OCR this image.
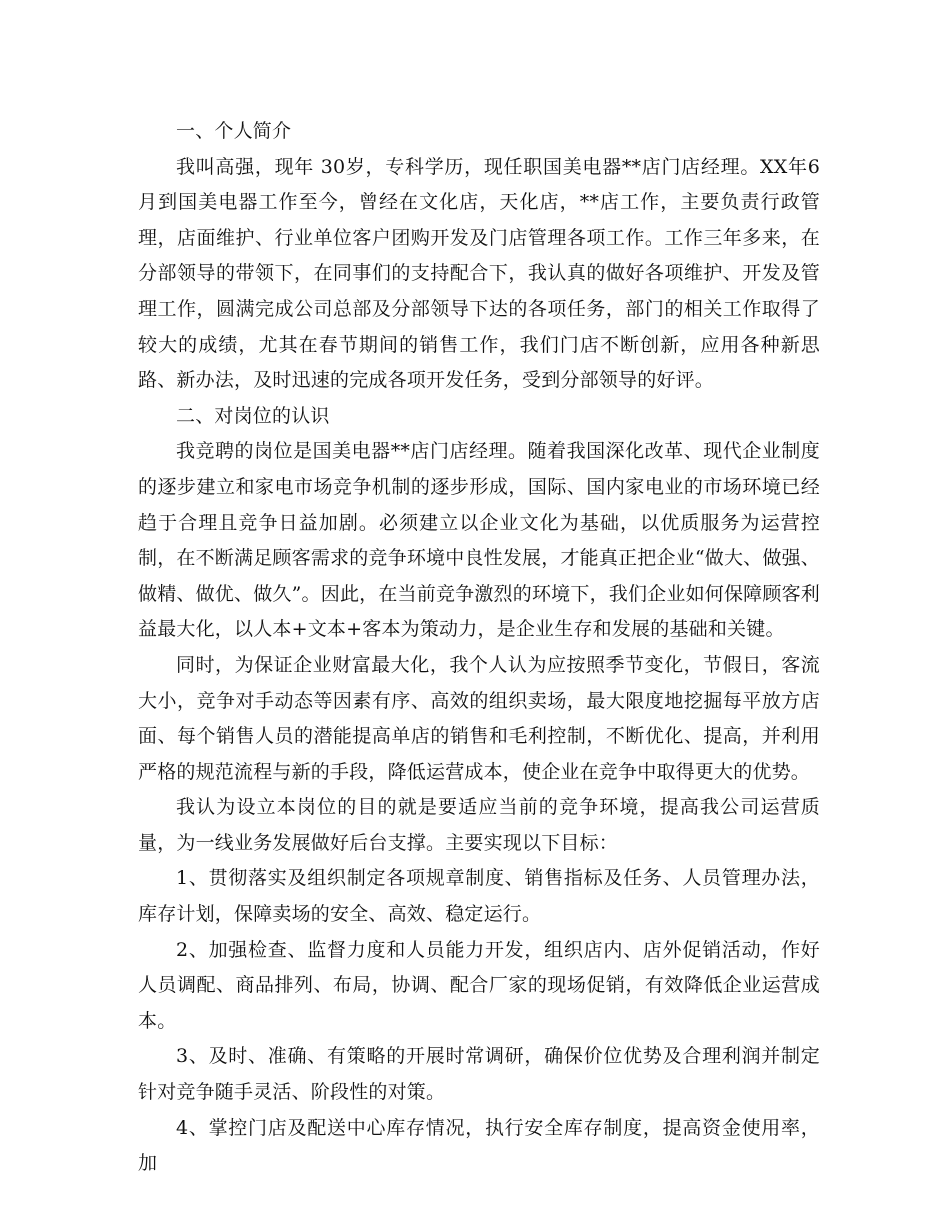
一、个人简介

我叫高强，现年 30岁，专科学历，现任职国美电器**店门店经理。XX年6 月到国美电器工作至今，曾经在文化店，天化店，**店工作，主要负责行政管理，店面维护、行业单位客户团购开发及门店管理各项工作。工作三年多来，在分部领导的带领下，在同事们的支持配合下，我认真的做好各项维护、开发及管理工作，圆满完成公司总部及分部领导下达的各项任务，部门的相关工作取得了较大的成绩，尤其在春节期间的销售工作，我们门店不断创新，应用各种新思路、新办法，及时迅速的完成各项开发任务，受到分部领导的好评。

二、对岗位的认识

我竞聘的岗位是国美电器**店门店经理。随着我国深化改革、现代企业制度的逐步建立和家电市场竞争机制的逐步形成，国际、国内家电业的市场环境已经趋于合理且竞争日益加剧。必须建立以企业文化为基础，以优质服务为运营控制，在不断满足顾客需求的竞争环境中良性发展，才能真正把企业“做大、做强、做精、做优、做久”。因此，在当前竞争激烈的环境下，我们企业如何保障顾客利益最大化，以人本+文本+客本为策动力，是企业生存和发展的基础和关键。

同时，为保证企业财富最大化，我个人认为应按照季节变化，节假日，客流大小，竞争对手动态等因素有序、高效的组织卖场，最大限度地挖掘每平放方店面、每个销售人员的潜能提高单店的销售和毛利控制，不断优化、提高，并利用严格的规范流程与新的手段，降低运营成本，使企业在竞争中取得更大的优势。

我认为设立本岗位的目的就是要适应当前的竞争环境，提高我公司运营质量，为一线业务发展做好后台支撑。主要实现以下目标：

1、贯彻落实及组织制定各项规章制度、销售指标及任务、人员管理办法，库存计划，保障卖场的安全、高效、稳定运行。

2、加强检查、监督力度和人员能力开发，组织店内、店外促销活动，作好人员调配、商品排列、布局，协调、配合厂家的现场促销，有效降低企业运营成本。

3、及时、准确、有策略的开展时常调研，确保价位优势及合理利润并制定针对竞争随手灵活、阶段性的对策。

4、掌控门店及配送中心库存情况，执行安全库存制度，提高资金使用率，加
